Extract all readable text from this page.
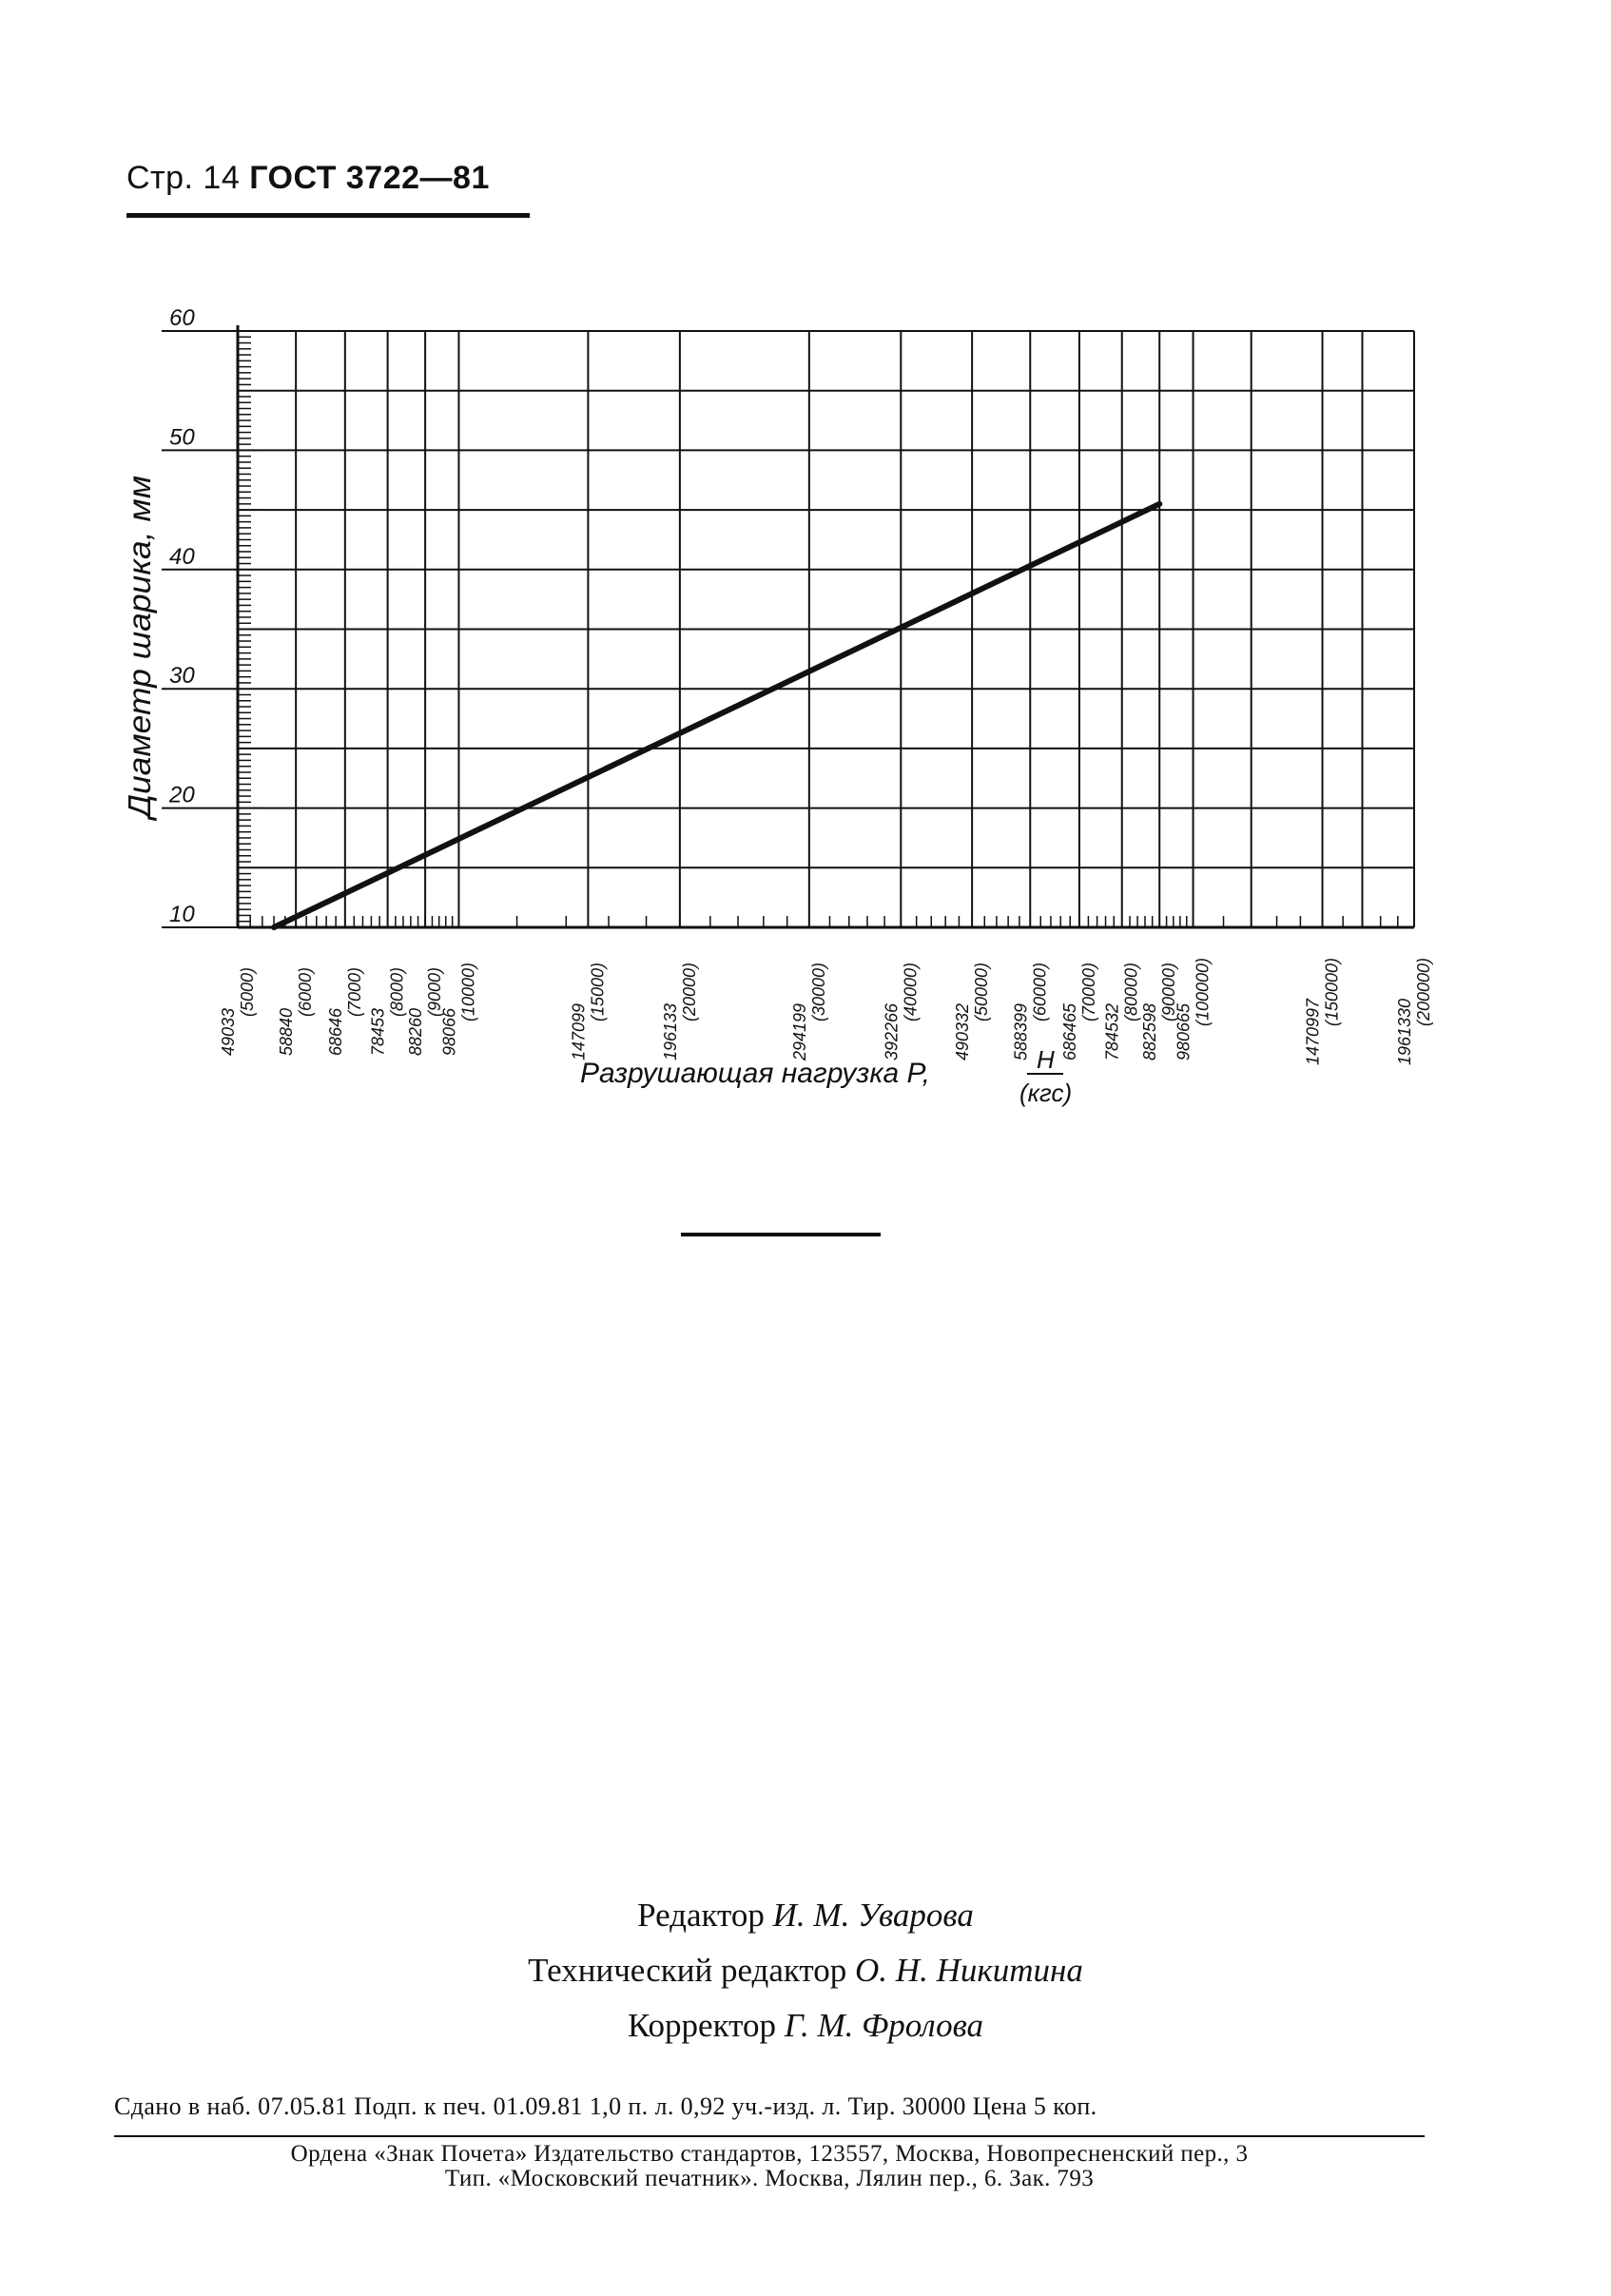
Стр. 14 ГОСТ 3722—81
10
20
30
40
50
60
49033
(5000)
58840
(6000)
68646
(7000)
78453
(8000)
88260
(9000)
98066
(10000)
147099
(15000)
196133
(20000)
294199
(30000)
392266
(40000)
490332
(50000)
588399
(60000)
686465
(70000)
784532
(80000)
882598
(90000)
980665
(100000)
1470997
(150000)
1961330
(200000)
Диаметр шарика, мм
Разрушающая нагрузка P,	Н
(кгс)
Редактор И. М. Уварова
Технический редактор О. Н. Никитина
Корректор Г. М. Фролова
Сдано в наб. 07.05.81 Подп. к печ. 01.09.81 1,0 п. л. 0,92 уч.-изд. л. Тир. 30000 Цена 5 коп.
Ордена «Знак Почета» Издательство стандартов, 123557, Москва, Новопресненский пер., 3
Тип. «Московский печатник». Москва, Лялин пер., 6. Зак. 793
